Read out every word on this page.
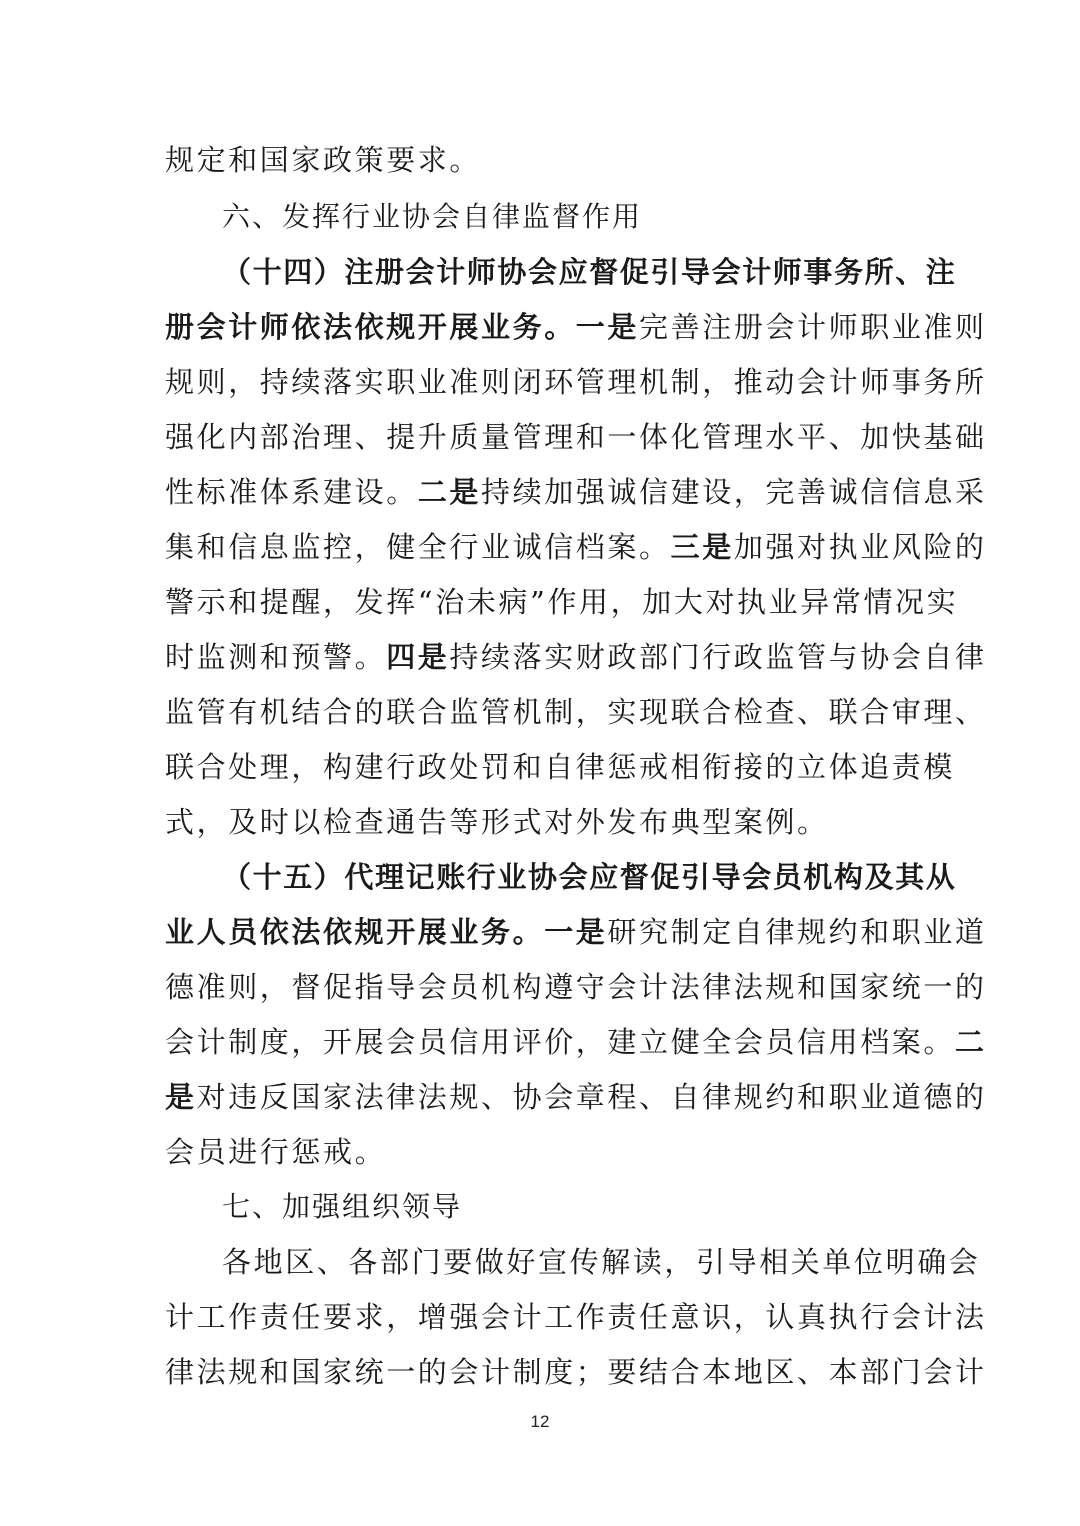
规定和国家政策要求。
六、发挥行业协会自律监督作用
（十四）注册会计师协会应督促引导会计师事务所、注
册会计师依法依规开展业务。一是完善注册会计师职业准则
规则，持续落实职业准则闭环管理机制，推动会计师事务所
强化内部治理、提升质量管理和一体化管理水平、加快基础
性标准体系建设。二是持续加强诚信建设，完善诚信信息采
集和信息监控，健全行业诚信档案。三是加强对执业风险的
警示和提醒，发挥“治未病”作用，加大对执业异常情况实
时监测和预警。四是持续落实财政部门行政监管与协会自律
监管有机结合的联合监管机制，实现联合检查、联合审理、
联合处理，构建行政处罚和自律惩戒相衔接的立体追责模
式，及时以检查通告等形式对外发布典型案例。
（十五）代理记账行业协会应督促引导会员机构及其从
业人员依法依规开展业务。一是研究制定自律规约和职业道
德准则，督促指导会员机构遵守会计法律法规和国家统一的
会计制度，开展会员信用评价，建立健全会员信用档案。二
是对违反国家法律法规、协会章程、自律规约和职业道德的
会员进行惩戒。
七、加强组织领导
各地区、各部门要做好宣传解读，引导相关单位明确会
计工作责任要求，增强会计工作责任意识，认真执行会计法
律法规和国家统一的会计制度；要结合本地区、本部门会计
12
